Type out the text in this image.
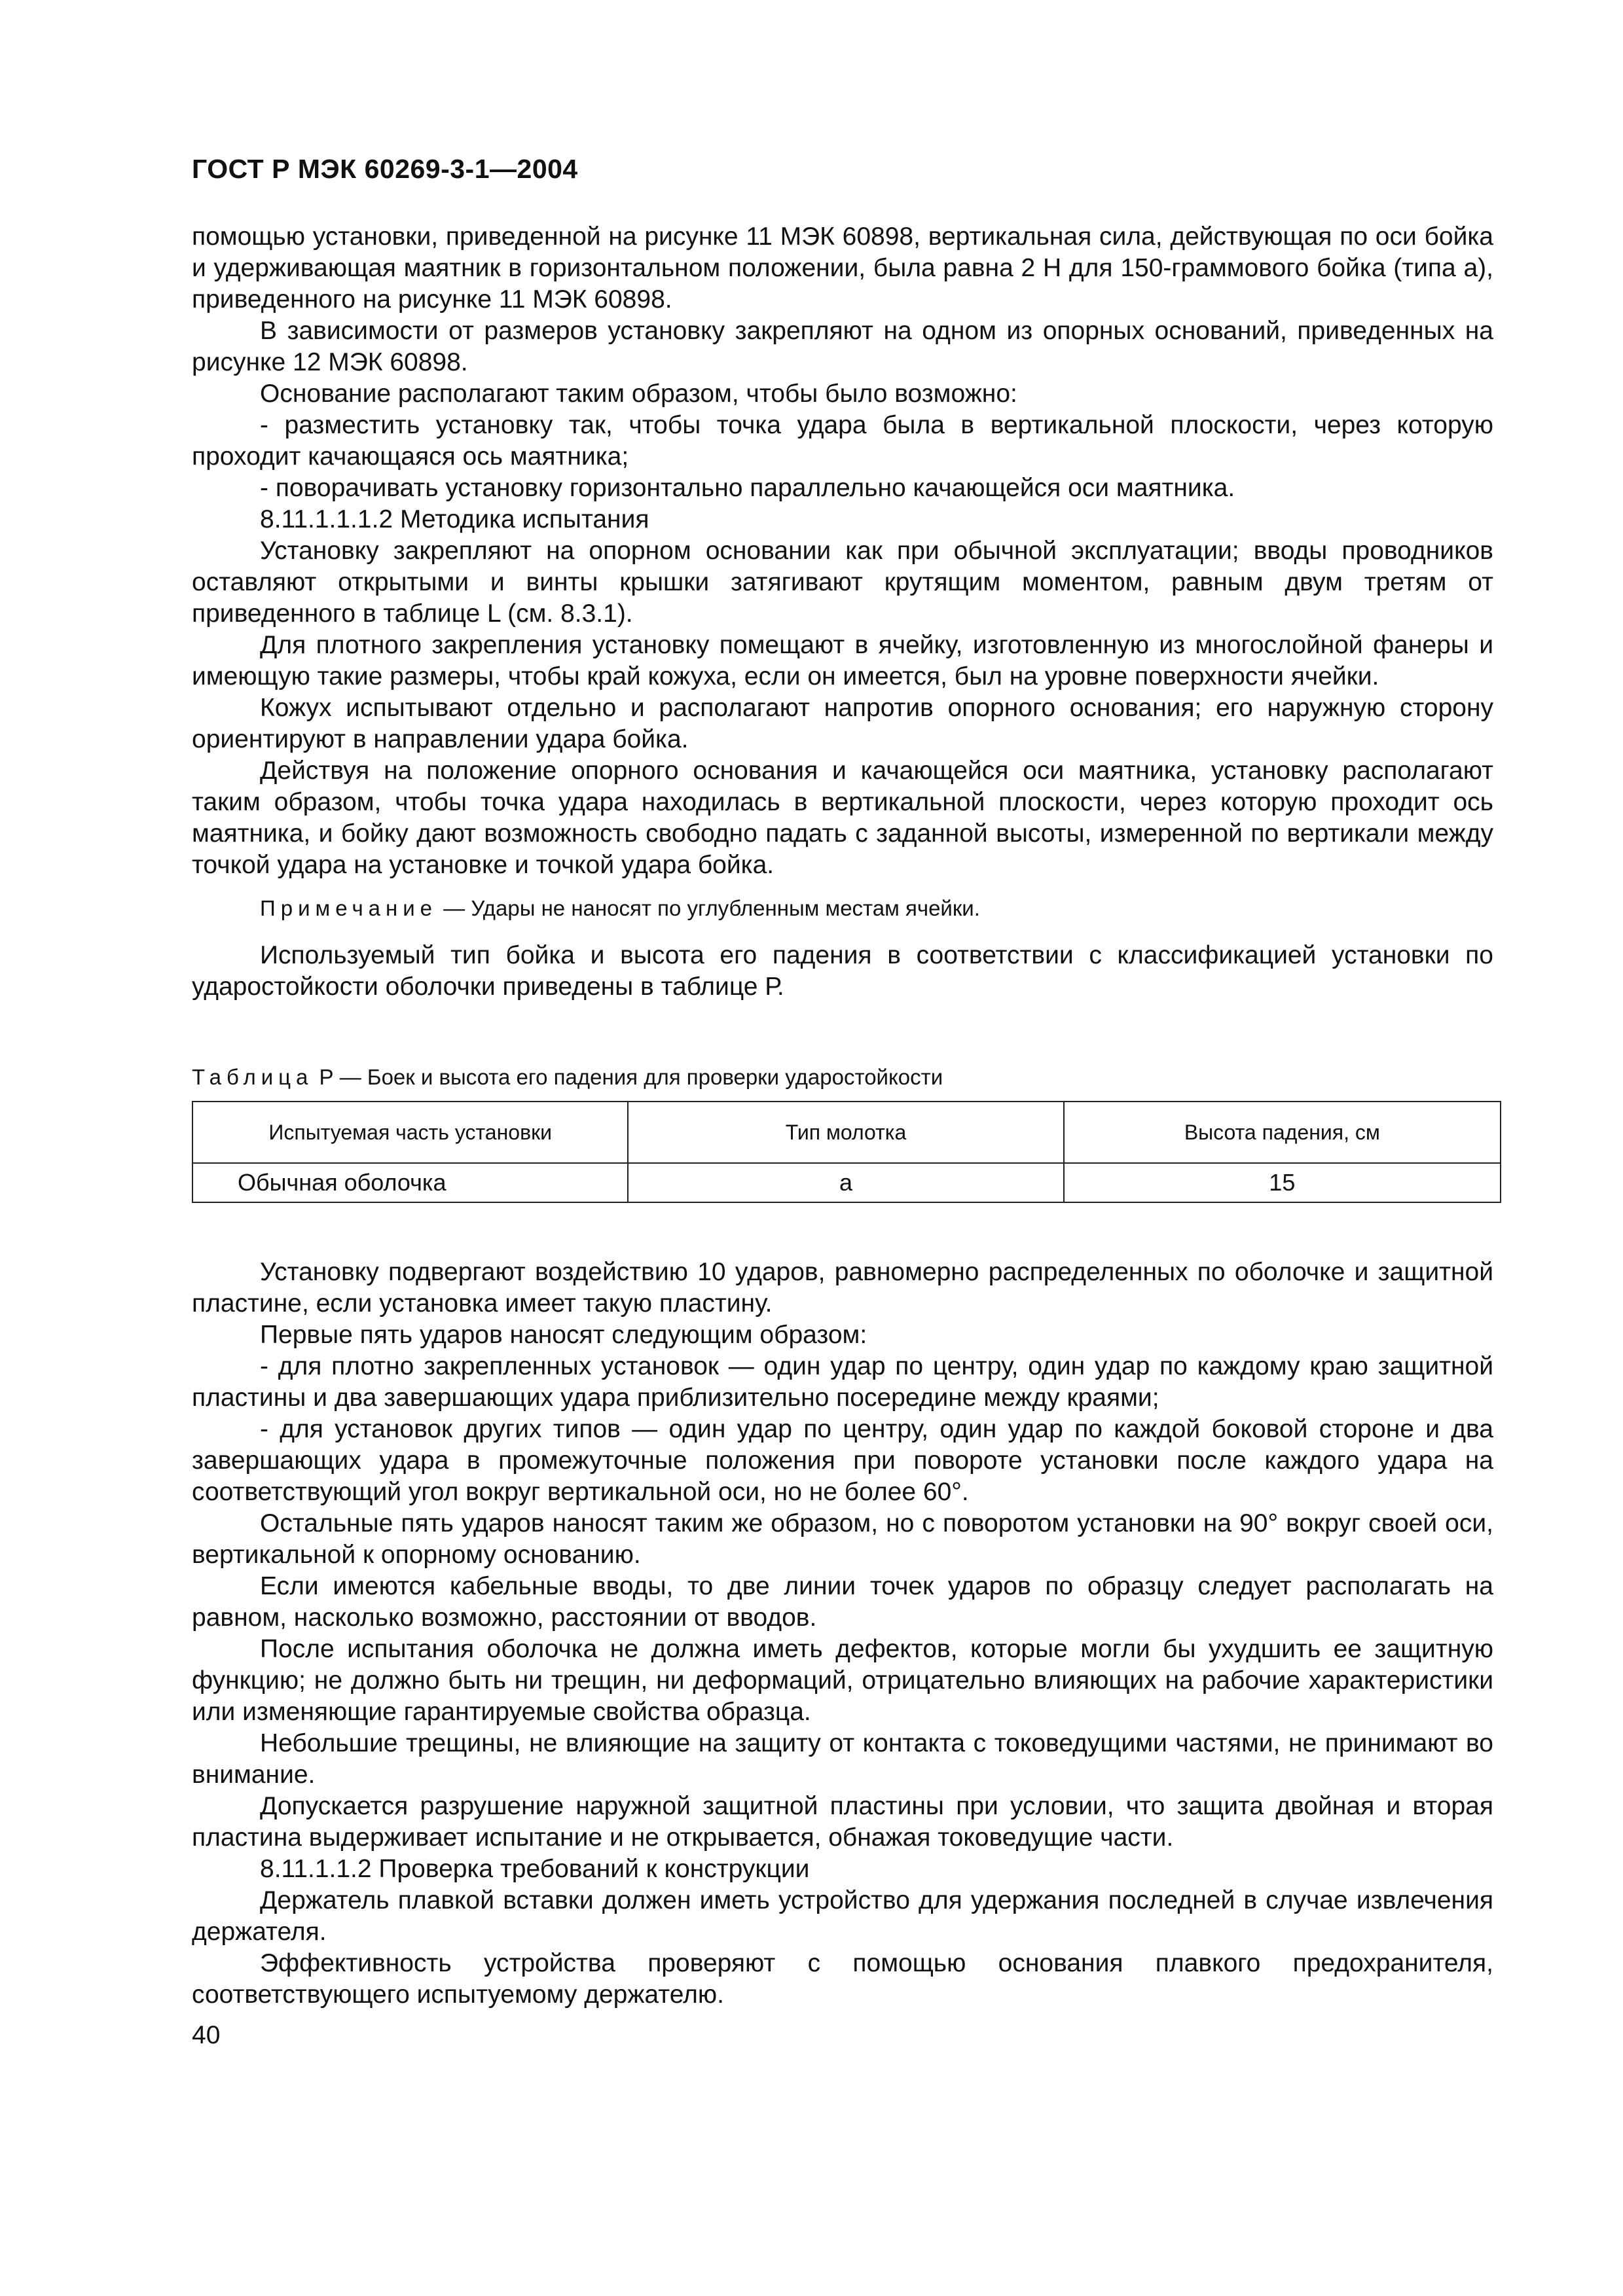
ГОСТ Р МЭК 60269-3-1—2004

помощью установки, приведенной на рисунке 11 МЭК 60898, вертикальная сила, действующая по оси бойка и удерживающая маятник в горизонтальном положении, была равна 2 Н для 150-граммового бойка (типа а), приведенного на рисунке 11 МЭК 60898.

В зависимости от размеров установку закрепляют на одном из опорных оснований, приведенных на рисунке 12 МЭК 60898.

Основание располагают таким образом, чтобы было возможно:

- разместить установку так, чтобы точка удара была в вертикальной плоскости, через которую проходит качающаяся ось маятника;

- поворачивать установку горизонтально параллельно качающейся оси маятника.

8.11.1.1.1.2 Методика испытания

Установку закрепляют на опорном основании как при обычной эксплуатации; вводы проводников оставляют открытыми и винты крышки затягивают крутящим моментом, равным двум третям от приведенного в таблице L (см. 8.3.1).

Для плотного закрепления установку помещают в ячейку, изготовленную из многослойной фанеры и имеющую такие размеры, чтобы край кожуха, если он имеется, был на уровне поверхности ячейки.

Кожух испытывают отдельно и располагают напротив опорного основания; его наружную сторону ориентируют в направлении удара бойка.

Действуя на положение опорного основания и качающейся оси маятника, установку располагают таким образом, чтобы точка удара находилась в вертикальной плоскости, через которую проходит ось маятника, и бойку дают возможность свободно падать с заданной высоты, измеренной по вертикали между точкой удара на установке и точкой удара бойка.

Примечание — Удары не наносят по углубленным местам ячейки.

Используемый тип бойка и высота его падения в соответствии с классификацией установки по ударостойкости оболочки приведены в таблице Р.

Таблица Р — Боек и высота его падения для проверки ударостойкости
Испытуемая часть установки	Тип молотка	Высота падения, см
Обычная оболочка	a	15

Установку подвергают воздействию 10 ударов, равномерно распределенных по оболочке и защитной пластине, если установка имеет такую пластину.

Первые пять ударов наносят следующим образом:

- для плотно закрепленных установок — один удар по центру, один удар по каждому краю защитной пластины и два завершающих удара приблизительно посередине между краями;

- для установок других типов — один удар по центру, один удар по каждой боковой стороне и два завершающих удара в промежуточные положения при повороте установки после каждого удара на соответствующий угол вокруг вертикальной оси, но не более 60°.

Остальные пять ударов наносят таким же образом, но с поворотом установки на 90° вокруг своей оси, вертикальной к опорному основанию.

Если имеются кабельные вводы, то две линии точек ударов по образцу следует располагать на равном, насколько возможно, расстоянии от вводов.

После испытания оболочка не должна иметь дефектов, которые могли бы ухудшить ее защитную функцию; не должно быть ни трещин, ни деформаций, отрицательно влияющих на рабочие характеристики или изменяющие гарантируемые свойства образца.

Небольшие трещины, не влияющие на защиту от контакта с токоведущими частями, не принимают во внимание.

Допускается разрушение наружной защитной пластины при условии, что защита двойная и вторая пластина выдерживает испытание и не открывается, обнажая токоведущие части.

8.11.1.1.2 Проверка требований к конструкции

Держатель плавкой вставки должен иметь устройство для удержания последней в случае извлечения держателя.

Эффективность устройства проверяют с помощью основания плавкого предохранителя, соответствующего испытуемому держателю.

40
